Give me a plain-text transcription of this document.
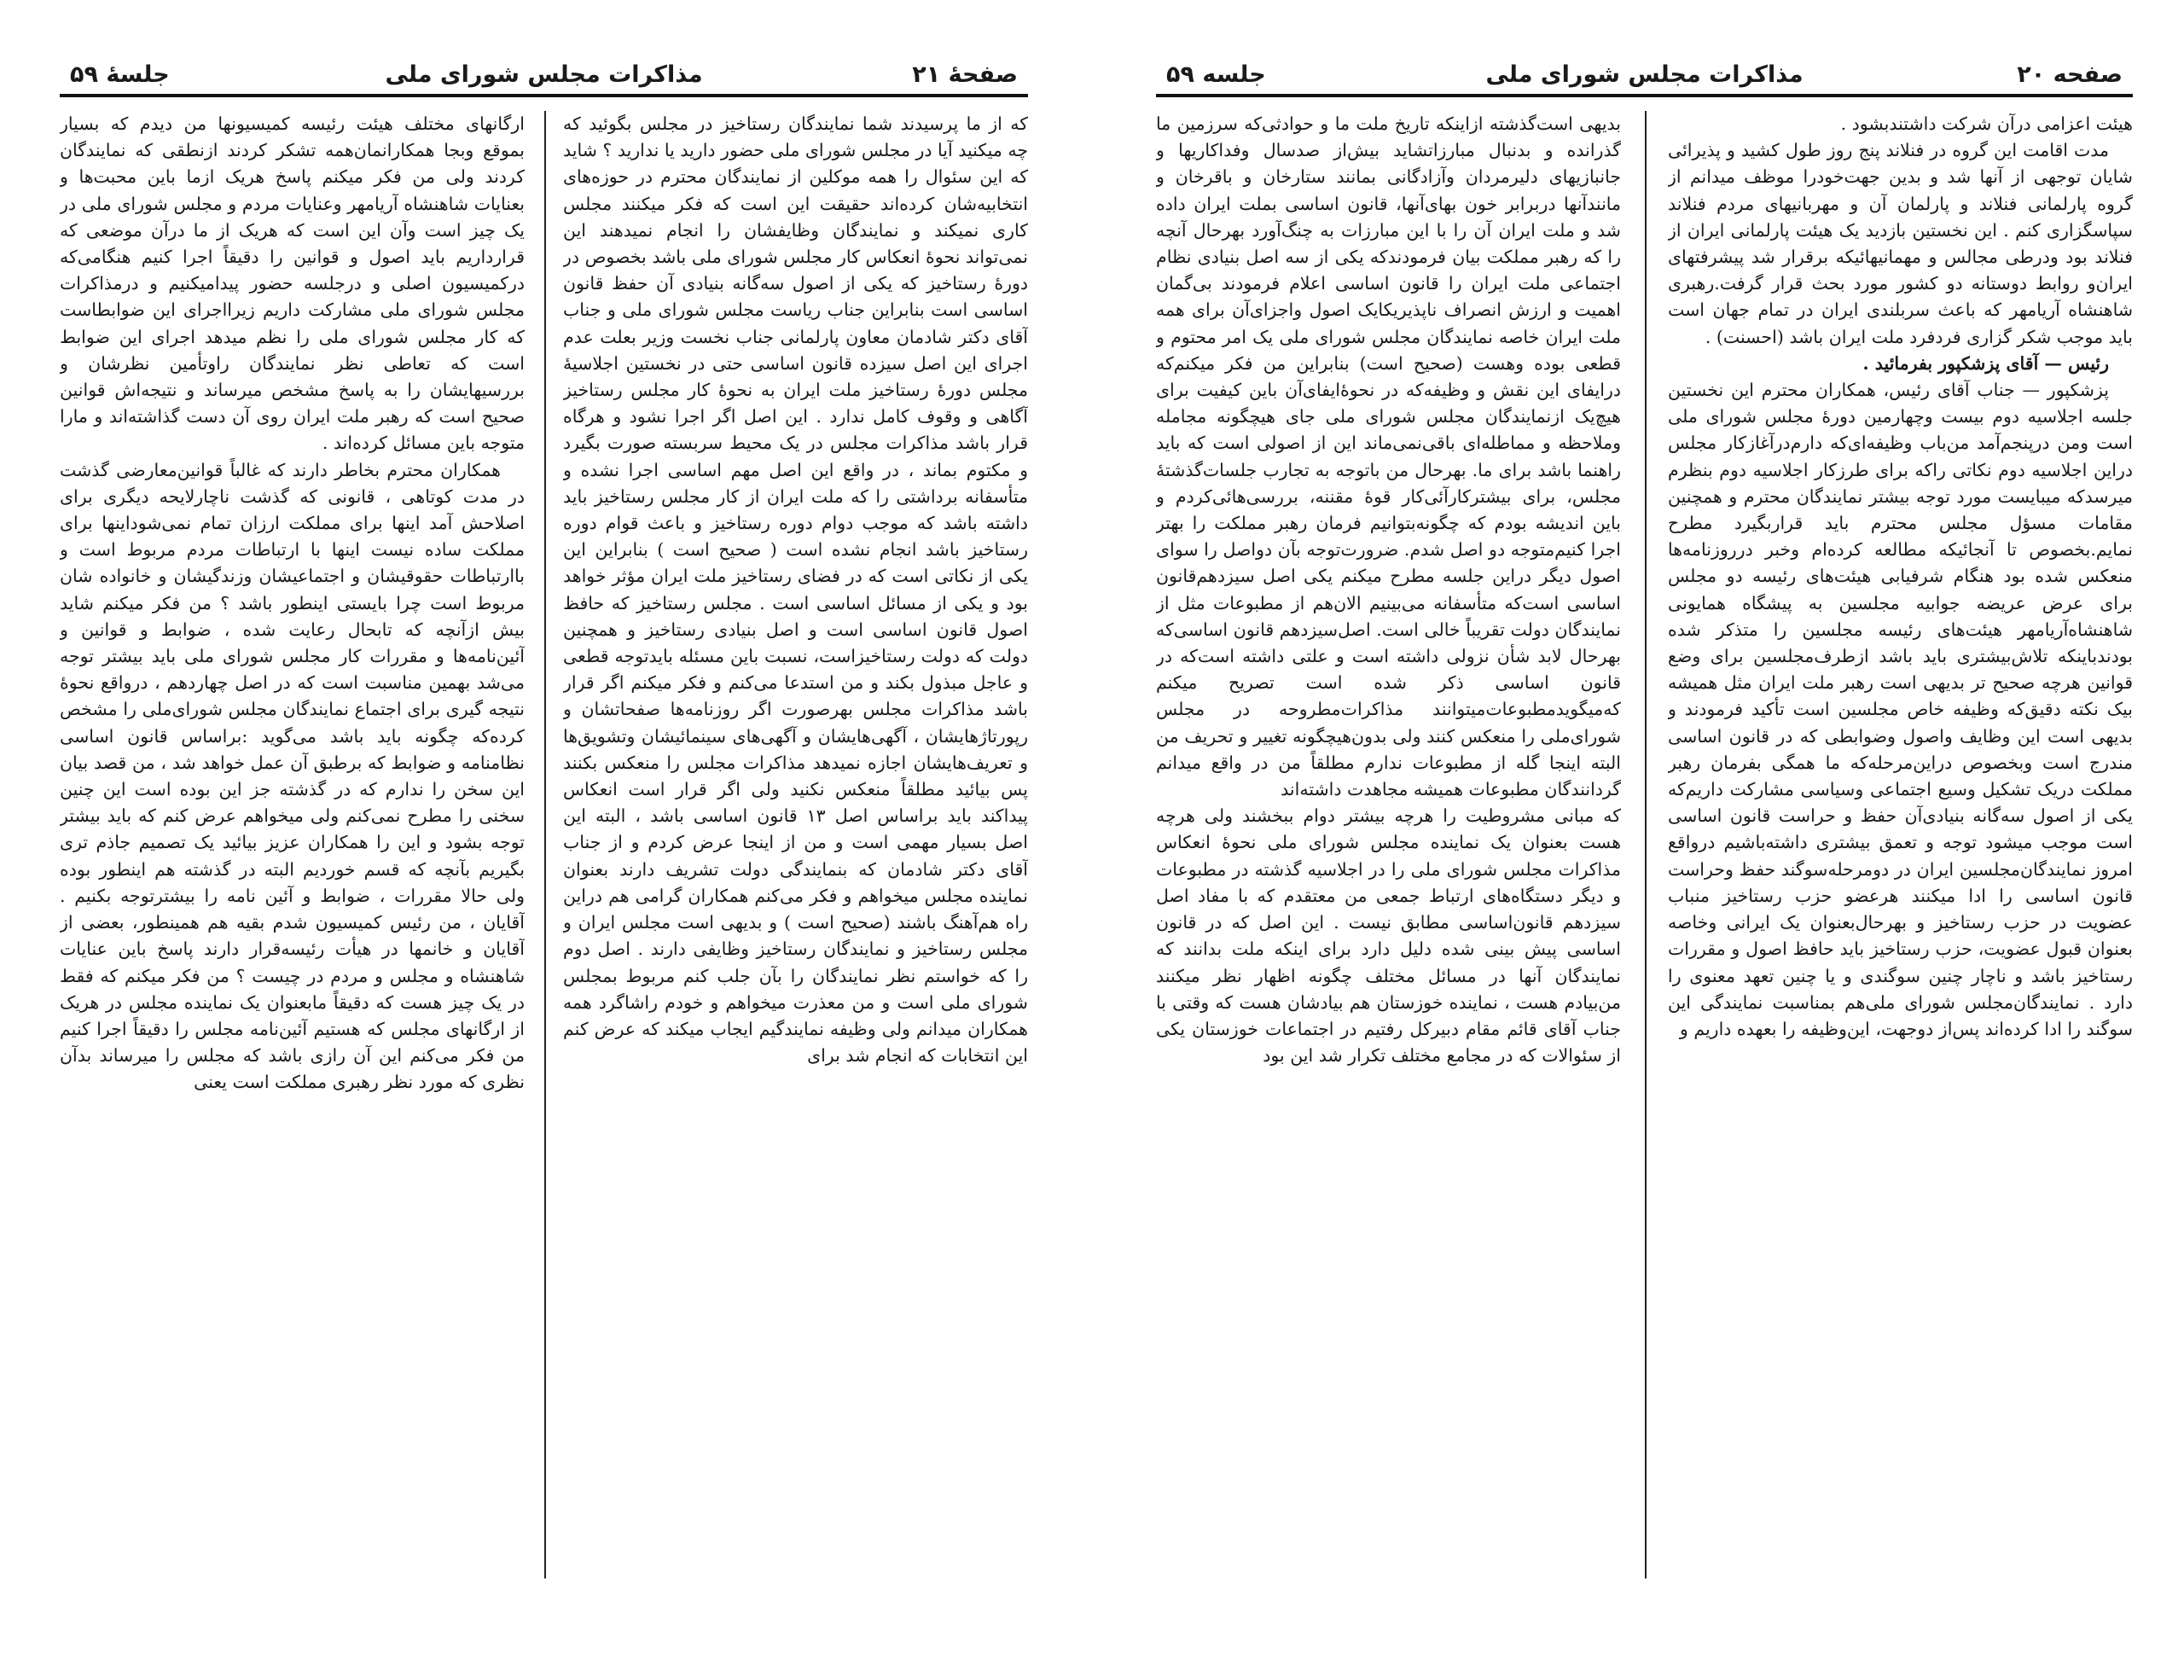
صفحهٔ ۲۱
مذاکرات مجلس شورای ملی
جلسهٔ ۵۹

که از ما پرسیدند شما نمایندگان رستاخیز در مجلس بگوئید که چه میکنید آیا در مجلس شورای ملی حضور دارید یا ندارید ؟ شاید که این سئوال را همه موکلین از نمایندگان محترم در حوزه‌های انتخابیه‌شان کرده‌اند حقیقت این است که فکر میکنند مجلس کاری نمیکند و نمایندگان وظایفشان را انجام نمیدهند این نمی‌تواند نحوهٔ انعکاس کار مجلس شورای ملی باشد بخصوص در دورهٔ رستاخیز که یکی از اصول سه‌گانه بنیادی آن حفظ قانون اساسی است بنابراین جناب ریاست مجلس شورای ملی و جناب آقای دکتر شادمان معاون پارلمانی جناب نخست وزیر بعلت عدم اجرای این اصل سیزده قانون اساسی حتی در نخستین اجلاسیهٔ مجلس دورهٔ رستاخیز ملت ایران به نحوهٔ کار مجلس رستاخیز آگاهی و وقوف کامل ندارد . این اصل اگر اجرا نشود و هرگاه قرار باشد مذاکرات مجلس در یک محیط سربسته صورت بگیرد و مکتوم بماند ، در واقع این اصل مهم اساسی اجرا نشده و متأسفانه برداشتی را که ملت ایران از کار مجلس رستاخیز باید داشته باشد که موجب دوام دوره رستاخیز و باعث قوام دوره رستاخیز باشد انجام نشده است ( صحیح است ) بنابراین این یکی از نکاتی است که در فضای رستاخیز ملت ایران مؤثر خواهد بود و یکی از مسائل اساسی است . مجلس رستاخیز که حافظ اصول قانون اساسی است و اصل بنیادی رستاخیز و همچنین دولت که دولت رستاخیزاست، نسبت باین مسئله بایدتوجه قطعی و عاجل مبذول بکند و من استدعا می‌کنم و فکر میکنم اگر قرار باشد مذاکرات مجلس بهرصورت اگر روزنامه‌ها صفحاتشان و رپورتاژهایشان ، آگهی‌هایشان و آگهی‌های سینمائیشان وتشویق‌ها و تعریف‌هایشان اجازه نمیدهد مذاکرات مجلس را منعکس بکنند پس بیائید مطلقاً منعکس نکنید ولی اگر قرار است انعکاس پیداکند باید براساس اصل ۱۳ قانون اساسی باشد ، البته این اصل بسیار مهمی است و من از اینجا عرض کردم و از جناب آقای دکتر شادمان که بنمایندگی دولت تشریف دارند بعنوان نماینده مجلس میخواهم و فکر می‌کنم همکاران گرامی هم دراین راه هم‌آهنگ باشند (صحیح است ) و بدیهی است مجلس ایران و مجلس رستاخیز و نمایندگان رستاخیز وظایفی دارند . اصل دوم را که خواستم نظر نمایندگان را بآن جلب کنم مربوط بمجلس شورای ملی است و من معذرت میخواهم و خودم راشاگرد همه همکاران میدانم ولی وظیفه نمایندگیم ایجاب میکند که عرض کنم این انتخابات که انجام شد برای

ارگانهای مختلف هیئت رئیسه کمیسیونها من دیدم که بسیار بموقع وبجا همکارانمان‌همه تشکر کردند ازنطقی که نمایندگان کردند ولی من فکر میکنم پاسخ هریک ازما باین محبت‌ها و بعنایات شاهنشاه آریامهر وعنایات مردم و مجلس شورای ملی در یک چیز است وآن این است که هریک از ما درآن موضعی که قرارداریم باید اصول و قوانین را دقیقاً اجرا کنیم هنگامی‌که درکمیسیون اصلی و درجلسه حضور پیدامیکنیم و درمذاکرات مجلس شورای ملی مشارکت داریم زیرااجرای این ضوابطاست که کار مجلس شورای ملی را نظم میدهد اجرای این ضوابط است که تعاطی نظر نمایندگان راوتأمین نظرشان و بررسیهایشان را به پاسخ مشخص میرساند و نتیجه‌اش قوانین صحیح است که رهبر ملت ایران روی آن دست گذاشته‌اند و مارا متوجه باین مسائل کرده‌اند .

همکاران محترم بخاطر دارند که غالباً قوانین‌معارضی گذشت در مدت کوتاهی ، قانونی که گذشت ناچارلایحه دیگری برای اصلاحش آمد اینها برای مملکت ارزان تمام نمی‌شوداینها برای مملکت ساده نیست اینها با ارتباطات مردم مربوط است و باارتباطات حقوقیشان و اجتماعیشان وزندگیشان و خانواده شان مربوط است چرا بایستی اینطور باشد ؟ من فکر میکنم شاید بیش ازآنچه که تابحال رعایت شده ، ضوابط و قوانین و آئین‌نامه‌ها و مقررات کار مجلس شورای ملی باید بیشتر توجه می‌شد بهمین مناسبت است که در اصل چهاردهم ، درواقع نحوهٔ نتیجه گیری برای اجتماع نمایندگان مجلس شورای‌ملی را مشخص کرده‌که چگونه باید باشد می‌گوید :براساس قانون اساسی نظامنامه و ضوابط که برطبق آن عمل خواهد شد ، من قصد بیان این سخن را ندارم که در گذشته جز این بوده است این چنین سخنی را مطرح نمی‌کنم ولی میخواهم عرض کنم که باید بیشتر توجه بشود و این را همکاران عزیز بیائید یک تصمیم جاذم تری بگیریم بآنچه که قسم خوردیم البته در گذشته هم اینطور بوده ولی حالا مقررات ، ضوابط و آئین نامه را بیشترتوجه بکنیم . آقایان ، من رئیس کمیسیون شدم بقیه هم همینطور، بعضی از آقایان و خانمها در هیأت رئیسه‌قرار دارند پاسخ باین عنایات شاهنشاه و مجلس و مردم در چیست ؟ من فکر میکنم که فقط در یک چیز هست که دقیقاً مابعنوان یک نماینده مجلس در هریک از ارگانهای مجلس که هستیم آئین‌نامه مجلس را دقیقاً اجرا کنیم من فکر می‌کنم این آن رازی باشد که مجلس را میرساند بدآن نظری که مورد نظر رهبری مملکت است یعنی

صفحه ۲۰
مذاکرات مجلس شورای ملی
جلسه ۵۹

هیئت اعزامی درآن شرکت داشتندبشود .

مدت اقامت این گروه در فنلاند پنج روز طول کشید و پذیرائی شایان توجهی از آنها شد و بدین جهت‌خودرا موظف میدانم از گروه پارلمانی فنلاند و پارلمان آن و مهربانیهای مردم فنلاند سپاسگزاری کنم . این نخستین بازدید یک هیئت پارلمانی ایران از فنلاند بود ودرطی مجالس و مهمانیهائیکه برقرار شد پیشرفتهای ایران‌و روابط دوستانه دو کشور مورد بحث قرار گرفت.رهبری شاهنشاه آریامهر که باعث سربلندی ایران در تمام جهان است باید موجب شکر گزاری فردفرد ملت ایران باشد (احسنت) .

رئیس — آقای پزشکپور بفرمائید .

پزشکپور — جناب آقای رئیس، همکاران محترم این نخستین جلسه اجلاسیه دوم بیست وچهارمین دورهٔ مجلس شورای ملی است ومن درپنجم‌آمد من‌باب وظیفه‌ای‌که دارم‌درآغازکار مجلس دراین اجلاسیه دوم نکاتی راکه برای طرزکار اجلاسیه دوم بنظرم میرسدکه میبایست مورد توجه بیشتر نمایندگان محترم و همچنین مقامات مسؤل مجلس محترم باید قراربگیرد مطرح نمایم.بخصوص تا آنجائیکه مطالعه کرده‌ام وخبر درروزنامه‌ها منعکس شده بود هنگام شرفیابی هیئت‌های رئیسه دو مجلس برای عرض عریضه جوابیه مجلسین به پیشگاه همایونی شاهنشاه‌آریامهر هیئت‌های رئیسه مجلسین را متذکر شده بودندباینکه تلاش‌بیشتری باید باشد ازطرف‌مجلسین برای وضع قوانین هرچه صحیح تر بدیهی است رهبر ملت ایران مثل همیشه بیک نکته دقیق‌که وظیفه خاص مجلسین است تأکید فرمودند و بدیهی است این وظایف واصول وضوابطی که در قانون اساسی مندرج است وبخصوص دراین‌مرحله‌که ما همگی بفرمان رهبر مملکت دریک تشکیل وسیع اجتماعی وسیاسی مشارکت داریم‌که یکی از اصول سه‌گانه بنیادی‌آن حفظ و حراست قانون اساسی است موجب میشود توجه و تعمق بیشتری داشته‌باشیم درواقع امروز نمایندگان‌مجلسین ایران در دومرحله‌سوگند حفظ وحراست قانون اساسی را ادا میکنند هرعضو حزب رستاخیز منباب عضویت در حزب رستاخیز و بهرحال‌بعنوان یک ایرانی وخاصه بعنوان قبول عضویت، حزب رستاخیز باید حافظ اصول و مقررات رستاخیز باشد و ناچار چنین سوگندی و یا چنین تعهد معنوی را دارد . نمایندگان‌مجلس شورای ملی‌هم بمناسبت نمایندگی این سوگند را ادا کرده‌اند پس‌از دوجهت، این‌وظیفه را بعهده داریم و

بدیهی است‌گذشته ازاینکه تاریخ ملت ما و حوادثی‌که سرزمین ما گذرانده و بدنبال مبارزاتشاید بیش‌از صدسال وفداکاریها و جانبازیهای دلیرمردان وآزادگانی بمانند ستارخان و باقرخان و مانندآنها دربرابر خون بهای‌آنها، قانون اساسی بملت ایران داده شد و ملت ایران آن را با این مبارزات به چنگ‌آورد بهرحال آنچه را که رهبر مملکت بیان فرمودندکه یکی از سه اصل بنیادی نظام اجتماعی ملت ایران را قانون اساسی اعلام فرمودند بی‌گمان اهمیت و ارزش انصراف ناپذیریکایک اصول واجزای‌آن برای همه ملت ایران خاصه نمایندگان مجلس شورای ملی یک امر محتوم و قطعی بوده وهست (صحیح است) بنابراین من فکر میکنم‌که درایفای این نقش و وظیفه‌که در نحوهٔ‌ایفای‌آن باین کیفیت برای هیچ‌یک ازنمایندگان مجلس شورای ملی جای هیچگونه مجامله وملاحظه و مماطله‌ای باقی‌نمی‌ماند این از اصولی است که باید راهنما باشد برای ما. بهرحال من باتوجه به تجارب جلسات‌گذشتهٔ مجلس، برای بیشترکارآئی‌کار قوهٔ مقننه، بررسی‌هائی‌کردم و باین اندیشه بودم که چگونه‌بتوانیم فرمان رهبر مملکت را بهتر اجرا کنیم‌متوجه دو اصل شدم. ضرورت‌توجه بآن دواصل را سوای اصول دیگر دراین جلسه مطرح میکنم یکی اصل سیزدهم‌قانون اساسی است‌که متأسفانه می‌بینیم الان‌هم از مطبوعات مثل از نمایندگان دولت تقریباً خالی است. اصل‌سیزدهم قانون اساسی‌که بهرحال لابد شأن نزولی داشته است و علتی داشته است‌که در قانون اساسی ذکر شده است تصریح میکنم که‌میگوید‌مطبوعات‌میتوانند مذاکرات‌مطروحه در مجلس شورای‌ملی را منعکس کنند ولی بدون‌هیچگونه تغییر و تحریف من البته اینجا گله از مطبوعات ندارم مطلقاً من در واقع میدانم گردانندگان مطبوعات همیشه مجاهدت داشته‌اند

که مبانی مشروطیت را هرچه بیشتر دوام ببخشند ولی هرچه هست بعنوان یک نماینده مجلس شورای ملی نحوهٔ انعکاس مذاکرات مجلس شورای ملی را در اجلاسیه گذشته در مطبوعات و دیگر دستگاه‌های ارتباط جمعی من معتقدم که با مفاد اصل سیزدهم قانون‌اساسی مطابق نیست . این اصل که در قانون اساسی پیش بینی شده دلیل دارد برای اینکه ملت بدانند که نمایندگان آنها در مسائل مختلف چگونه اظهار نظر میکنند من‌بیادم هست ، نماینده خوزستان هم بیادشان هست که وقتی با جناب آقای قائم مقام دبیرکل رفتیم در اجتماعات خوزستان یکی از سئوالات که در مجامع مختلف تکرار شد این بود
